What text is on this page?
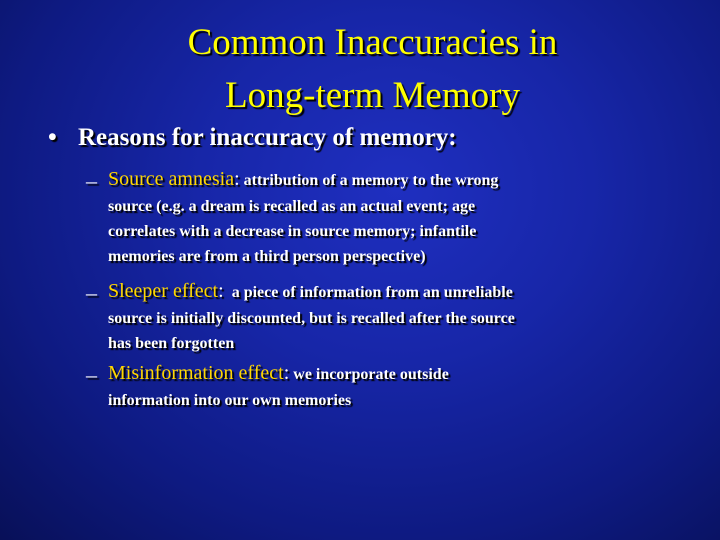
Common Inaccuracies in
Long-term Memory
• Reasons for inaccuracy of memory:
– Source amnesia: attribution of a memory to the wrong
source (e.g. a dream is recalled as an actual event; age
correlates with a decrease in source memory; infantile
memories are from a third person perspective)
– Sleeper effect: a piece of information from an unreliable
source is initially discounted, but is recalled after the source
has been forgotten
– Misinformation effect: we incorporate outside
information into our own memories
